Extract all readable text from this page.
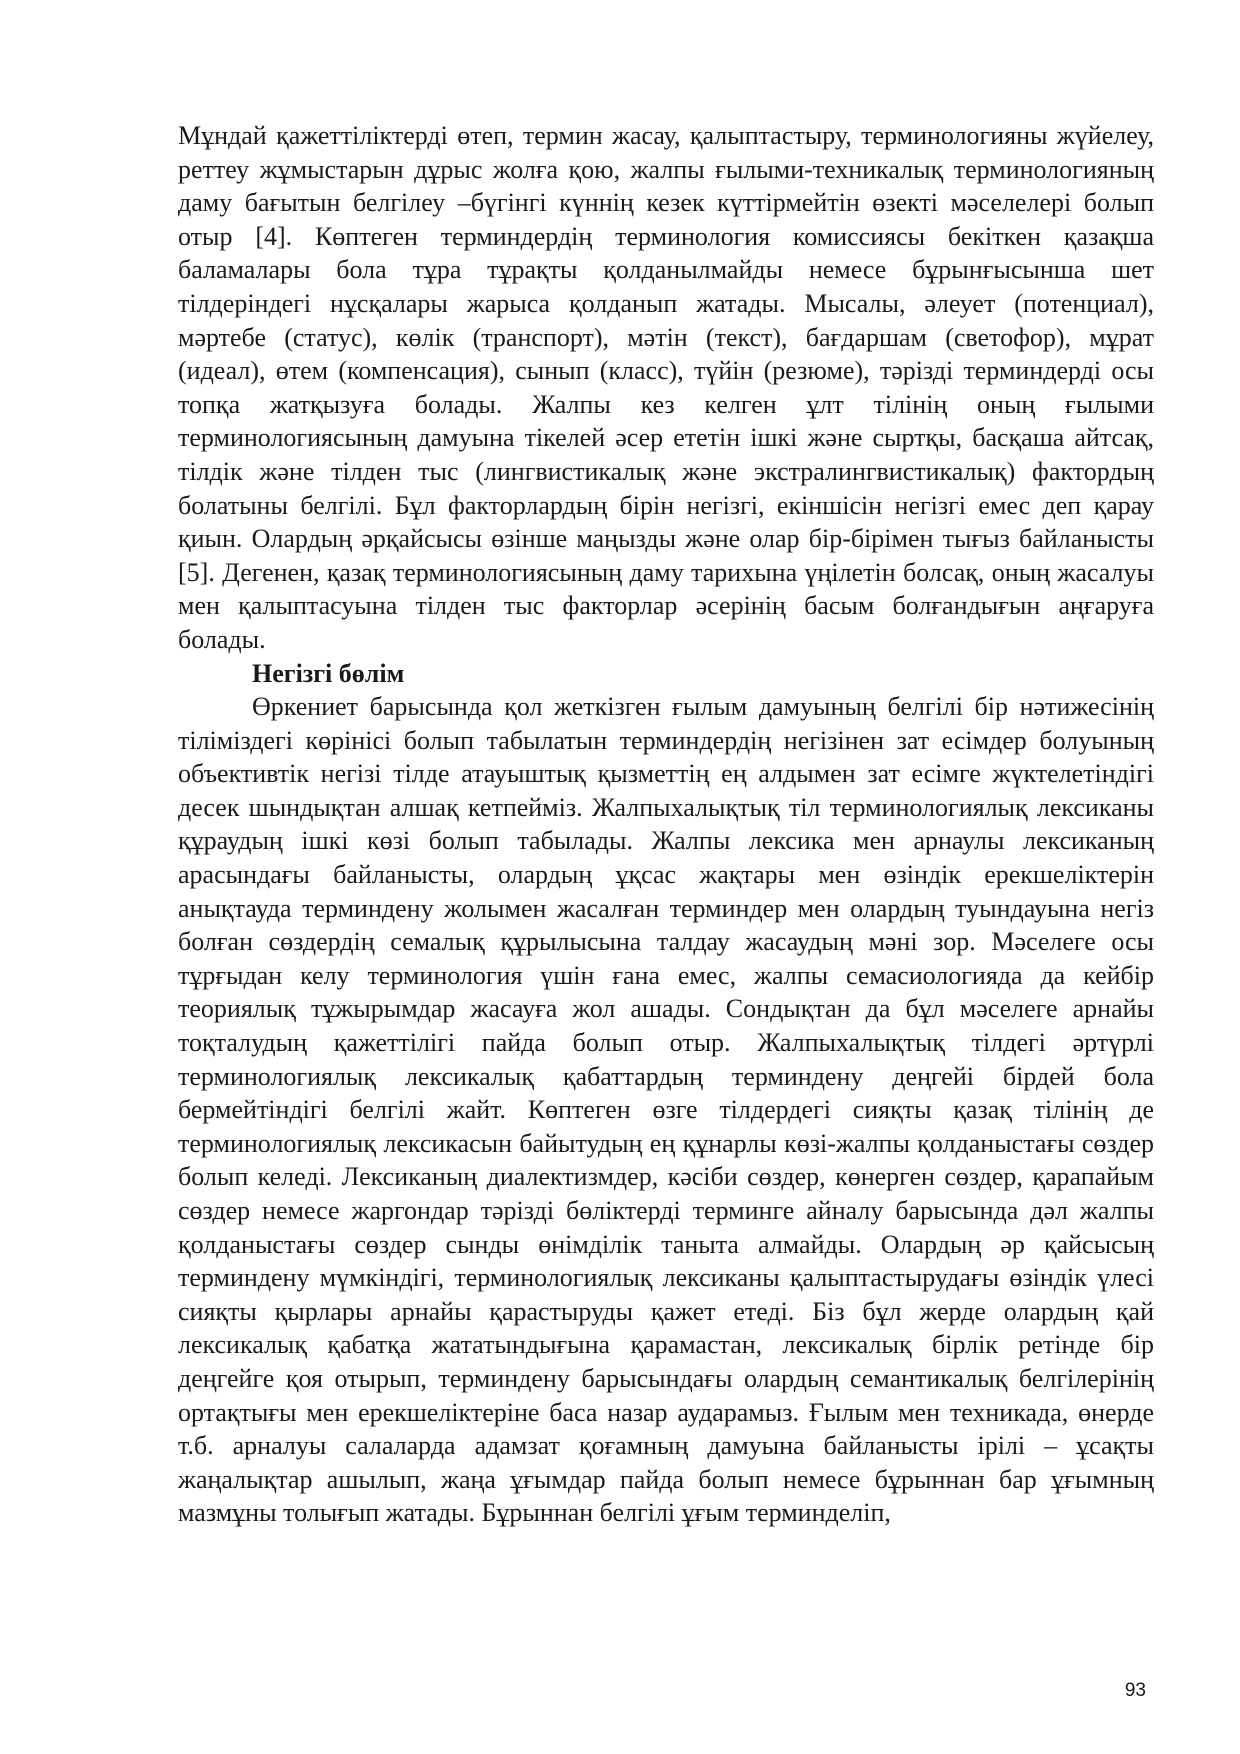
Мұндай қажеттіліктерді өтеп, термин жасау, қалыптастыру, терминологияны жүйелеу, реттеу жұмыстарын дұрыс жолға қою, жалпы ғылыми-техникалық терминологияның даму бағытын белгілеу –бүгінгі күннің кезек күттірмейтін өзекті мәселелері болып отыр [4]. Көптеген терминдердің терминология комиссиясы бекіткен қазақша баламалары бола тұра тұрақты қолданылмайды немесе бұрынғысынша шет тілдеріндегі нұсқалары жарыса қолданып жатады. Мысалы, әлеует (потенциал), мәртебе (статус), көлік (транспорт), мәтін (текст), бағдаршам (светофор), мұрат (идеал), өтем (компенсация), сынып (класс), түйін (резюме), тәрізді терминдерді осы топқа жатқызуға болады. Жалпы кез келген ұлт тілінің оның ғылыми терминологиясының дамуына тікелей әсер ететін ішкі және сыртқы, басқаша айтсақ, тілдік және тілден тыс (лингвистикалық және экстралингвистикалық) фактордың болатыны белгілі. Бұл факторлардың бірін негізгі, екіншісін негізгі емес деп қарау қиын. Олардың әрқайсысы өзінше маңызды және олар бір-бірімен тығыз байланысты [5]. Дегенен, қазақ терминологиясының даму тарихына үңілетін болсақ, оның жасалуы мен қалыптасуына тілден тыс факторлар әсерінің басым болғандығын аңғаруға болады.

Негізгі бөлім

Өркениет барысында қол жеткізген ғылым дамуының белгілі бір нәтижесінің тіліміздегі көрінісі болып табылатын терминдердің негізінен зат есімдер болуының объективтік негізі тілде атауыштық қызметтің ең алдымен зат есімге жүктелетіндігі десек шындықтан алшақ кетпейміз. Жалпыхалықтық тіл терминологиялық лексиканы құраудың ішкі көзі болып табылады. Жалпы лексика мен арнаулы лексиканың арасындағы байланысты, олардың ұқсас жақтары мен өзіндік ерекшеліктерін анықтауда терминдену жолымен жасалған терминдер мен олардың туындауына негіз болған сөздердің семалық құрылысына талдау жасаудың мәні зор. Мәселеге осы тұрғыдан келу терминология үшін ғана емес, жалпы семасиологияда да кейбір теориялық тұжырымдар жасауға жол ашады. Сондықтан да бұл мәселеге арнайы тоқталудың қажеттілігі пайда болып отыр. Жалпыхалықтық тілдегі әртүрлі терминологиялық лексикалық қабаттардың терминдену деңгейі бірдей бола бермейтіндігі белгілі жайт. Көптеген өзге тілдердегі сияқты қазақ тілінің де терминологиялық лексикасын байытудың ең құнарлы көзі-жалпы қолданыстағы сөздер болып келеді. Лексиканың диалектизмдер, кәсіби сөздер, көнерген сөздер, қарапайым сөздер немесе жаргондар тәрізді бөліктерді терминге айналу барысында дәл жалпы қолданыстағы сөздер сынды өнімділік таныта алмайды. Олардың әр қайсысың терминдену мүмкіндігі, терминологиялық лексиканы қалыптастырудағы өзіндік үлесі сияқты қырлары арнайы қарастыруды қажет етеді. Біз бұл жерде олардың қай лексикалық қабатқа жататындығына қарамастан, лексикалық бірлік ретінде бір деңгейге қоя отырып, терминдену барысындағы олардың семантикалық белгілерінің ортақтығы мен ерекшеліктеріне баса назар аударамыз. Ғылым мен техникада, өнерде т.б. арналуы салаларда адамзат қоғамның дамуына байланысты ірілі – ұсақты жаңалықтар ашылып, жаңа ұғымдар пайда болып немесе бұрыннан бар ұғымның мазмұны толығып жатады. Бұрыннан белгілі ұғым терминделіп,

93
